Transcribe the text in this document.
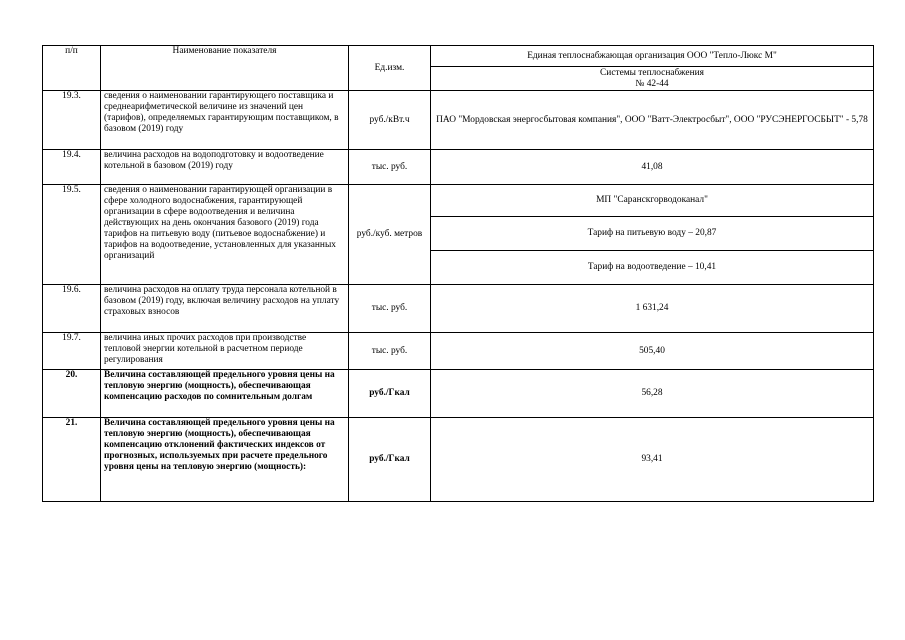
п/п	Наименование показателя	Ед.изм.	Единая теплоснабжающая организация ООО "Тепло-Люкс М"

			Системы теплоснабжения
№ 42-44

19.3.	сведения о наименовании гарантирующего поставщика и среднеарифметической величине из значений цен (тарифов), определяемых гарантирующим поставщиком, в базовом (2019) году	руб./кВт.ч	ПАО "Мордовская энергосбытовая компания", ООО "Ватт-Электросбыт", ООО "РУСЭНЕРГОСБЫТ" - 5,78
19.4.	величина расходов на водоподготовку и водоотведение котельной в базовом (2019) году	тыс. руб.	41,08
19.5.	сведения о наименовании гарантирующей организации в сфере холодного водоснабжения, гарантирующей организации в сфере водоотведения и величина действующих на день окончания базового (2019) года тарифов на питьевую воду (питьевое водоснабжение) и тарифов на водоотведение, установленных для указанных организаций	руб./куб. метров	МП "Саранскгорводоканал"
			Тариф на питьевую воду – 20,87
			Тариф на водоотведение – 10,41
19.6.	величина расходов на оплату труда персонала котельной в базовом (2019) году, включая величину расходов на уплату страховых взносов	тыс. руб.	1 631,24
19.7.	величина иных прочих расходов при производстве тепловой энергии котельной в расчетном периоде регулирования	тыс. руб.	505,40
20.	Величина составляющей предельного уровня цены на тепловую энергию (мощность), обеспечивающая компенсацию расходов по сомнительным долгам	руб./Гкал	56,28
21.	Величина составляющей предельного уровня цены на тепловую энергию (мощность), обеспечивающая компенсацию отклонений фактических индексов от прогнозных, используемых при расчете предельного уровня цены на тепловую энергию (мощность):	руб./Гкал	93,41
